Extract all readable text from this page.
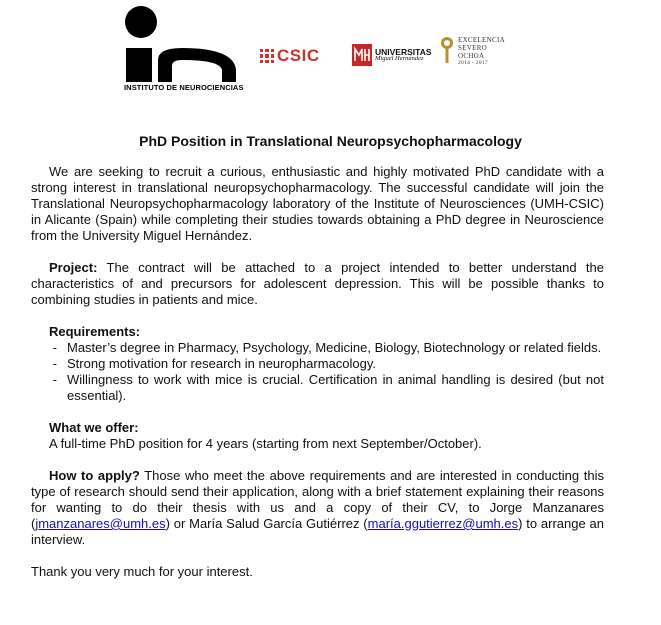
INSTITUTO DE NEUROCIENCIAS
CSIC	UNIVERSITAS
Miguel Hernández
EXCELENCIA
SEVERO
OCHOA
2014 - 2017
PhD Position in Translational Neuropsychopharmacology

We are seeking to recruit a curious, enthusiastic and highly motivated PhD candidate with a strong interest in translational neuropsychopharmacology. The successful candidate will join the Translational Neuropsychopharmacology laboratory of the Institute of Neurosciences (UMH-CSIC) in Alicante (Spain) while completing their studies towards obtaining a PhD degree in Neuroscience from the University Miguel Hernández.

Project: The contract will be attached to a project intended to better understand the characteristics of and precursors for adolescent depression. This will be possible thanks to combining studies in patients and mice.

Requirements:

- Master’s degree in Pharmacy, Psychology, Medicine, Biology, Biotechnology or related fields.

- Strong motivation for research in neuropharmacology.
- Willingness to work with mice is crucial. Certification in animal handling is desired (but not essential).
What we offer:

A full-time PhD position for 4 years (starting from next September/October).

How to apply? Those who meet the above requirements and are interested in conducting this type of research should send their application, along with a brief statement explaining their reasons for wanting to do their thesis with us and a copy of their CV, to Jorge Manzanares (jmanzanares@umh.es) or María Salud García Gutiérrez (maría.ggutierrez@umh.es) to arrange an interview.

Thank you very much for your interest.
